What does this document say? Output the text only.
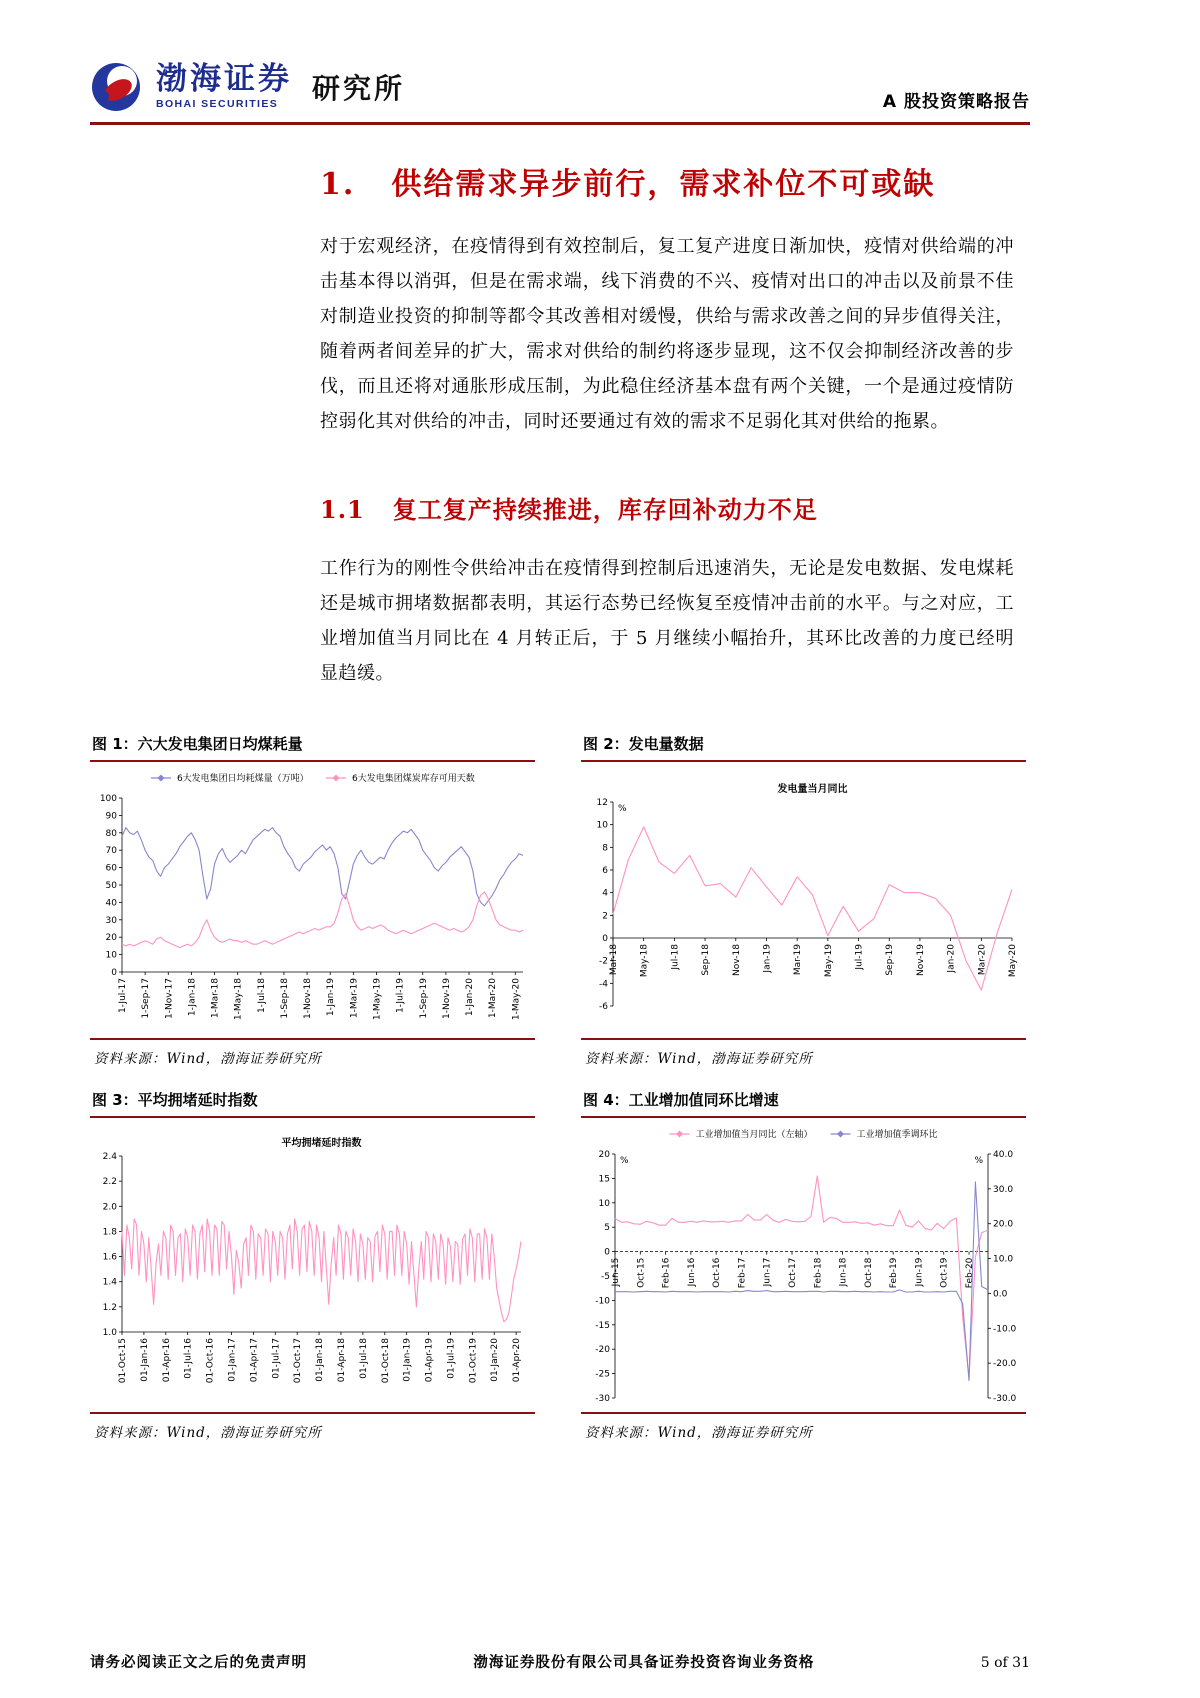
渤海证券
BOHAI SECURITIES	研究所	A 股投资策略报告
1. 供给需求异步前行，需求补位不可或缺

对于宏观经济，在疫情得到有效控制后，复工复产进度日渐加快，疫情对供给端的冲击基本得以消弭，但是在需求端，线下消费的不兴、疫情对出口的冲击以及前景不佳对制造业投资的抑制等都令其改善相对缓慢，供给与需求改善之间的异步值得关注，随着两者间差异的扩大，需求对供给的制约将逐步显现，这不仅会抑制经济改善的步伐，而且还将对通胀形成压制，为此稳住经济基本盘有两个关键，一个是通过疫情防控弱化其对供给的冲击，同时还要通过有效的需求不足弱化其对供给的拖累。

1.1 复工复产持续推进，库存回补动力不足

工作行为的刚性令供给冲击在疫情得到控制后迅速消失，无论是发电数据、发电煤耗还是城市拥堵数据都表明，其运行态势已经恢复至疫情冲击前的水平。与之对应，工业增加值当月同比在 4 月转正后，于 5 月继续小幅抬升，其环比改善的力度已经明显趋缓。

图 1：六大发电集团日均煤耗量
0
10
20
30
40
50
60
70
80
90
100
1-Jul-17 1-Sep-17 1-Nov-17 1-Jan-18 1-Mar-18 1-May-18 1-Jul-18 1-Sep-18 1-Nov-18 1-Jan-19 1-Mar-19 1-May-19 1-Jul-19 1-Sep-19 1-Nov-19 1-Jan-20 1-Mar-20 1-May-20
6大发电集团日均耗煤量（万吨）	6大发电集团煤炭库存可用天数
资料来源：Wind，渤海证券研究所
图 2：发电量数据
-6
-4
-2
0
2
4
6
8
10
12
Mar-18 May-18 Jul-18 Sep-18 Nov-18 Jan-19 Mar-19 May-19 Jul-19 Sep-19 Nov-19 Jan-20 Mar-20 May-20
发电量当月同比
%
资料来源：Wind，渤海证券研究所
图 3：平均拥堵延时指数
1.0
1.2
1.4
1.6
1.8
2.0
2.2
2.4
01-Oct-15 01-Jan-16 01-Apr-16 01-Jul-16 01-Oct-16 01-Jan-17 01-Apr-17 01-Jul-17 01-Oct-17 01-Jan-18 01-Apr-18 01-Jul-18 01-Oct-18 01-Jan-19 01-Apr-19 01-Jul-19 01-Oct-19 01-Jan-20 01-Apr-20
平均拥堵延时指数
资料来源：Wind，渤海证券研究所
图 4：工业增加值同环比增速
-30
-25
-20
-15
-10
-5
0
5
10
15
20
-30.0
-20.0
-10.0
0.0
10.0
20.0
30.0
40.0
Jun-15 Oct-15 Feb-16 Jun-16 Oct-16 Feb-17 Jun-17 Oct-17 Feb-18 Jun-18 Oct-18 Feb-19 Jun-19 Oct-19 Feb-20
%	%
工业增加值当月同比（左轴）	工业增加值季调环比
资料来源：Wind，渤海证券研究所
请务必阅读正文之后的免责声明	渤海证券股份有限公司具备证券投资咨询业务资格	5 of 31
